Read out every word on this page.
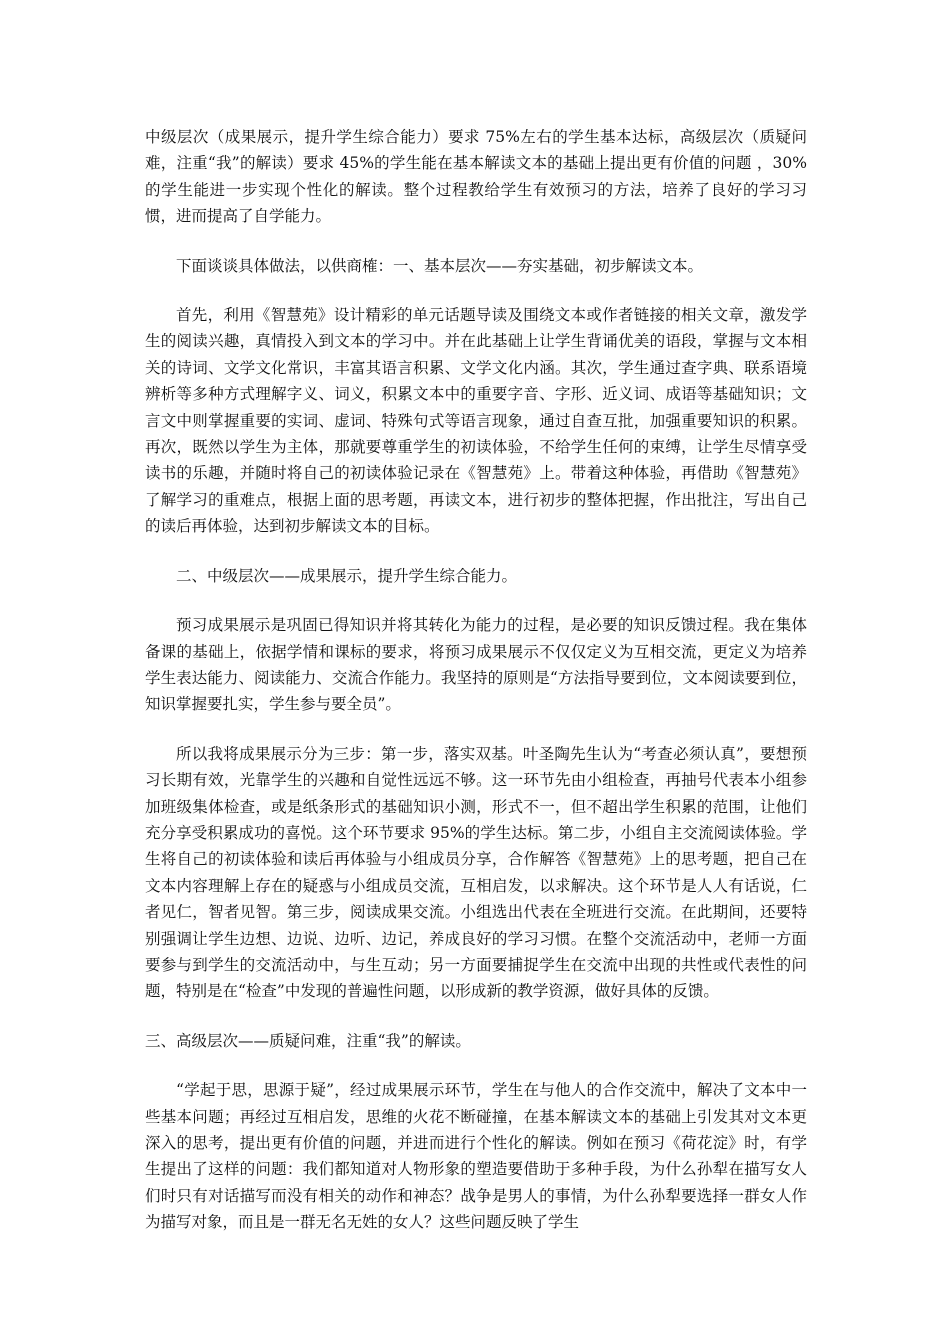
中级层次（成果展示，提升学生综合能力）要求 75%左右的学生基本达标，高级层次（质疑问难，注重“我”的解读）要求 45%的学生能在基本解读文本的基础上提出更有价值的问题 ，30%的学生能进一步实现个性化的解读。整个过程教给学生有效预习的方法，培养了良好的学习习惯，进而提高了自学能力。

下面谈谈具体做法，以供商榷：一、基本层次——夯实基础，初步解读文本。

首先，利用《智慧苑》设计精彩的单元话题导读及围绕文本或作者链接的相关文章，激发学生的阅读兴趣，真情投入到文本的学习中。并在此基础上让学生背诵优美的语段，掌握与文本相关的诗词、文学文化常识，丰富其语言积累、文学文化内涵。其次，学生通过查字典、联系语境辨析等多种方式理解字义、词义，积累文本中的重要字音、字形、近义词、成语等基础知识；文言文中则掌握重要的实词、虚词、特殊句式等语言现象，通过自查互批，加强重要知识的积累。再次，既然以学生为主体，那就要尊重学生的初读体验，不给学生任何的束缚，让学生尽情享受读书的乐趣，并随时将自己的初读体验记录在《智慧苑》上。带着这种体验，再借助《智慧苑》了解学习的重难点，根据上面的思考题，再读文本，进行初步的整体把握，作出批注，写出自己的读后再体验，达到初步解读文本的目标。

二、中级层次——成果展示，提升学生综合能力。

预习成果展示是巩固已得知识并将其转化为能力的过程，是必要的知识反馈过程。我在集体备课的基础上，依据学情和课标的要求，将预习成果展示不仅仅定义为互相交流，更定义为培养学生表达能力、阅读能力、交流合作能力。我坚持的原则是“方法指导要到位，文本阅读要到位，知识掌握要扎实，学生参与要全员”。

所以我将成果展示分为三步：第一步，落实双基。叶圣陶先生认为“考查必须认真”，要想预习长期有效，光靠学生的兴趣和自觉性远远不够。这一环节先由小组检查，再抽号代表本小组参加班级集体检查，或是纸条形式的基础知识小测，形式不一，但不超出学生积累的范围，让他们充分享受积累成功的喜悦。这个环节要求 95%的学生达标。第二步，小组自主交流阅读体验。学生将自己的初读体验和读后再体验与小组成员分享，合作解答《智慧苑》上的思考题，把自己在文本内容理解上存在的疑惑与小组成员交流，互相启发，以求解决。这个环节是人人有话说，仁者见仁，智者见智。第三步，阅读成果交流。小组选出代表在全班进行交流。在此期间，还要特别强调让学生边想、边说、边听、边记，养成良好的学习习惯。在整个交流活动中，老师一方面要参与到学生的交流活动中，与生互动；另一方面要捕捉学生在交流中出现的共性或代表性的问题，特别是在“检查”中发现的普遍性问题，以形成新的教学资源，做好具体的反馈。

三、高级层次——质疑问难，注重“我”的解读。

“学起于思，思源于疑”，经过成果展示环节，学生在与他人的合作交流中，解决了文本中一些基本问题；再经过互相启发，思维的火花不断碰撞，在基本解读文本的基础上引发其对文本更深入的思考，提出更有价值的问题，并进而进行个性化的解读。例如在预习《荷花淀》时，有学生提出了这样的问题：我们都知道对人物形象的塑造要借助于多种手段，为什么孙犁在描写女人们时只有对话描写而没有相关的动作和神态？战争是男人的事情，为什么孙犁要选择一群女人作为描写对象，而且是一群无名无姓的女人？这些问题反映了学生
